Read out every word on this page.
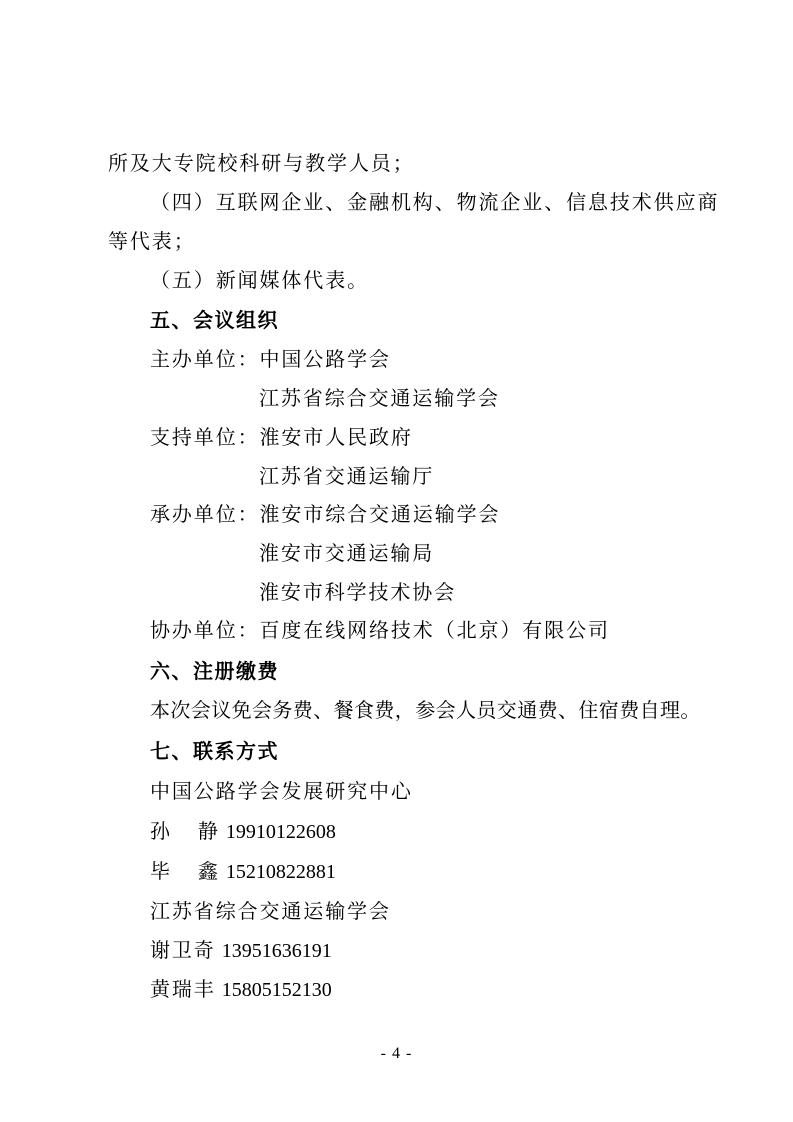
所及大专院校科研与教学人员；
（四）互联网企业、金融机构、物流企业、信息技术供应商
等代表；
（五）新闻媒体代表。
五、会议组织
主办单位：中国公路学会
江苏省综合交通运输学会
支持单位：淮安市人民政府
江苏省交通运输厅
承办单位：淮安市综合交通运输学会
淮安市交通运输局
淮安市科学技术协会
协办单位：百度在线网络技术（北京）有限公司
六、注册缴费
本次会议免会务费、餐食费，参会人员交通费、住宿费自理。
七、联系方式
中国公路学会发展研究中心
孙 静 19910122608
毕 鑫 15210822881
江苏省综合交通运输学会
谢卫奇 13951636191
黄瑞丰 15805152130
- 4 -
